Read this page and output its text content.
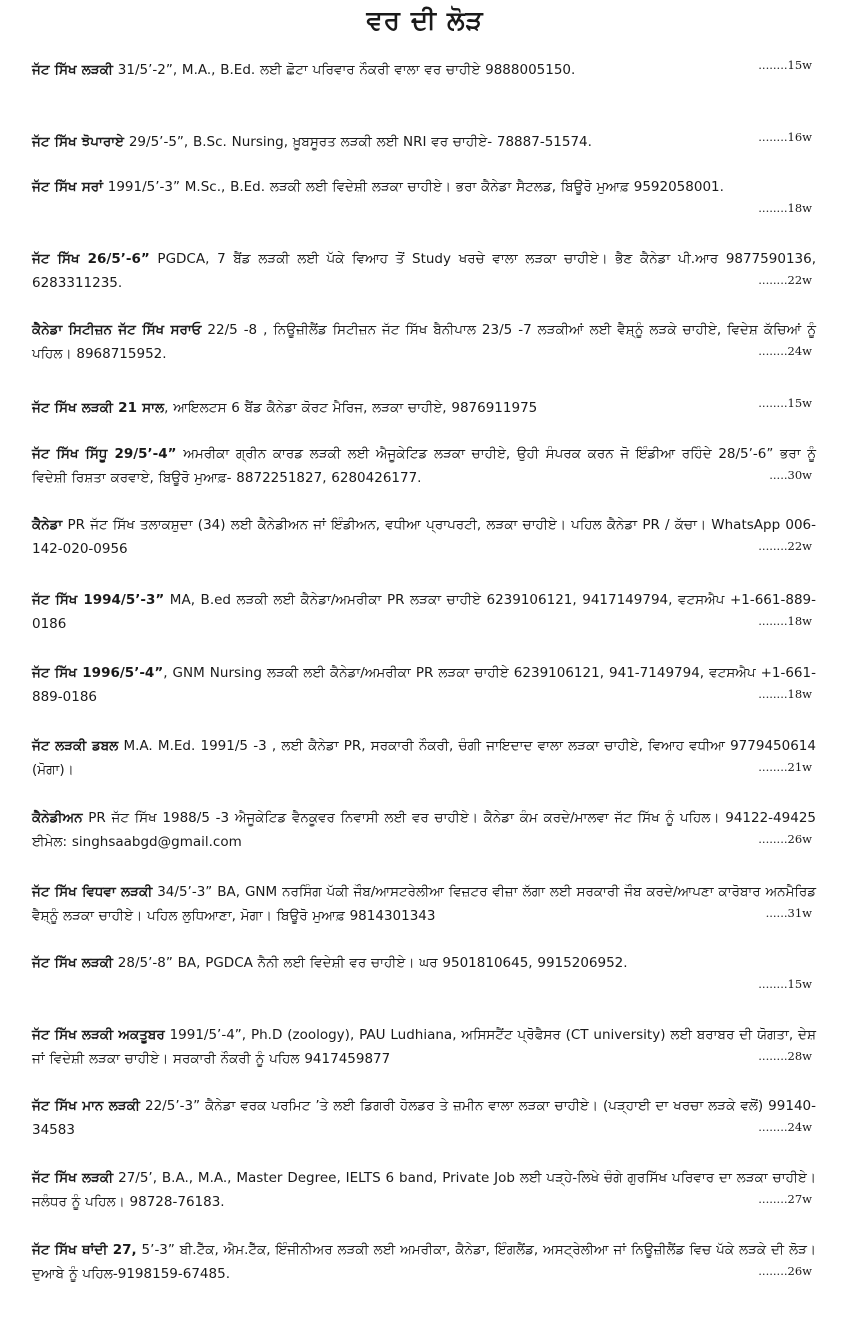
ਵਰ ਦੀ ਲੋੜ
ਜੱਟ ਸਿੱਖ ਲੜਕੀ 31/5’-2”, M.A., B.Ed. ਲਈ ਛੋਟਾ ਪਰਿਵਾਰ ਨੌਕਰੀ ਵਾਲਾ ਵਰ ਚਾਹੀਏ 9888005150.	........15w
ਜੱਟ ਸਿੱਖ ਝੋਪਾਰਾਏ 29/5’-5”, B.Sc. Nursing, ਖ਼ੂਬਸੂਰਤ ਲੜਕੀ ਲਈ NRI ਵਰ ਚਾਹੀਏ- 78887-51574.	........16w
ਜੱਟ ਸਿੱਖ ਸਰਾਂ 1991/5’-3” M.Sc., B.Ed. ਲੜਕੀ ਲਈ ਵਿਦੇਸ਼ੀ ਲੜਕਾ ਚਾਹੀਏ। ਭਰਾ ਕੈਨੇਡਾ ਸੈਟਲਡ, ਬਿਊਰੋ ਮੁਆਫ਼ 9592058001.
........18w
ਜੱਟ ਸਿੱਖ 26/5’-6” PGDCA, 7 ਬੈਂਡ ਲੜਕੀ ਲਈ ਪੱਕੇ ਵਿਆਹ ਤੋਂ Study ਖਰਚੇ ਵਾਲਾ ਲੜਕਾ ਚਾਹੀਏ। ਭੈਣ ਕੈਨੇਡਾ ਪੀ.ਆਰ 9877590136, 6283311235.	........22w
ਕੈਨੇਡਾ ਸਿਟੀਜ਼ਨ ਜੱਟ ਸਿੱਖ ਸਰਾਓ 22/5 -8 , ਨਿਊਜ਼ੀਲੈਂਡ ਸਿਟੀਜ਼ਨ ਜੱਟ ਸਿੱਖ ਬੈਨੀਪਾਲ 23/5 -7 ਲੜਕੀਆਂ ਲਈ ਵੈਸ਼੍ਨੂੰ ਲੜਕੇ ਚਾਹੀਏ, ਵਿਦੇਸ਼ ਕੱਚਿਆਂ ਨੂੰ ਪਹਿਲ। 8968715952.	........24w
ਜੱਟ ਸਿੱਖ ਲੜਕੀ 21 ਸਾਲ, ਆਇਲਟਸ 6 ਬੈਂਡ ਕੈਨੇਡਾ ਕੋਰਟ ਮੈਰਿਜ, ਲੜਕਾ ਚਾਹੀਏ, 9876911975	........15w
ਜੱਟ ਸਿੱਖ ਸਿੱਧੂ 29/5’-4” ਅਮਰੀਕਾ ਗ੍ਰੀਨ ਕਾਰਡ ਲੜਕੀ ਲਈ ਐਜੂਕੇਟਿਡ ਲੜਕਾ ਚਾਹੀਏ, ਉਹੀ ਸੰਪਰਕ ਕਰਨ ਜੋ ਇੰਡੀਆ ਰਹਿੰਦੇ 28/5’-6” ਭਰਾ ਨੂੰ ਵਿਦੇਸ਼ੀ ਰਿਸ਼ਤਾ ਕਰਵਾਏ, ਬਿਊਰੋ ਮੁਆਫ਼- 8872251827, 6280426177.	.....30w
ਕੈਨੇਡਾ PR ਜੱਟ ਸਿੱਖ ਤਲਾਕਸ਼ੁਦਾ (34) ਲਈ ਕੈਨੇਡੀਅਨ ਜਾਂ ਇੰਡੀਅਨ, ਵਧੀਆ ਪ੍ਰਾਪਰਟੀ, ਲੜਕਾ ਚਾਹੀਏ। ਪਹਿਲ ਕੈਨੇਡਾ PR / ਕੱਚਾ। WhatsApp 006-142-020-0956	........22w
ਜੱਟ ਸਿੱਖ 1994/5’-3” MA, B.ed ਲੜਕੀ ਲਈ ਕੈਨੇਡਾ/ਅਮਰੀਕਾ PR ਲੜਕਾ ਚਾਹੀਏ 6239106121, 9417149794, ਵਟਸਐਪ +1-661-889-0186	........18w
ਜੱਟ ਸਿੱਖ 1996/5’-4”, GNM Nursing ਲੜਕੀ ਲਈ ਕੈਨੇਡਾ/ਅਮਰੀਕਾ PR ਲੜਕਾ ਚਾਹੀਏ 6239106121, 941-7149794, ਵਟਸਐਪ +1-661-889-0186	........18w
ਜੱਟ ਲੜਕੀ ਡਬਲ M.A. M.Ed. 1991/5 -3 , ਲਈ ਕੈਨੇਡਾ PR, ਸਰਕਾਰੀ ਨੌਕਰੀ, ਚੰਗੀ ਜਾਇਦਾਦ ਵਾਲਾ ਲੜਕਾ ਚਾਹੀਏ, ਵਿਆਹ ਵਧੀਆ 9779450614 (ਮੋਗਾ)।	........21w
ਕੈਨੇਡੀਅਨ PR ਜੱਟ ਸਿੱਖ 1988/5 -3 ਐਜੂਕੇਟਿਡ ਵੈਨਕੂਵਰ ਨਿਵਾਸੀ ਲਈ ਵਰ ਚਾਹੀਏ। ਕੈਨੇਡਾ ਕੰਮ ਕਰਦੇ/ਮਾਲਵਾ ਜੱਟ ਸਿੱਖ ਨੂੰ ਪਹਿਲ। 94122-49425 ਈਮੇਲ: singhsaabgd@gmail.com	........26w
ਜੱਟ ਸਿੱਖ ਵਿਧਵਾ ਲੜਕੀ 34/5’-3” BA, GNM ਨਰਸਿੰਗ ਪੱਕੀ ਜੌਬ/ਆਸਟਰੇਲੀਆ ਵਿਜ਼ਟਰ ਵੀਜ਼ਾ ਲੱਗਾ ਲਈ ਸਰਕਾਰੀ ਜੌਬ ਕਰਦੇ/ਆਪਣਾ ਕਾਰੋਬਾਰ ਅਨਮੈਰਿਡ ਵੈਸ਼੍ਨੂੰ ਲੜਕਾ ਚਾਹੀਏ। ਪਹਿਲ ਲੁਧਿਆਣਾ, ਮੋਗਾ। ਬਿਊਰੋ ਮੁਆਫ਼ 9814301343	......31w
ਜੱਟ ਸਿੱਖ ਲੜਕੀ 28/5’-8” BA, PGDCA ਨੈਨੀ ਲਈ ਵਿਦੇਸ਼ੀ ਵਰ ਚਾਹੀਏ। ਘਰ 9501810645, 9915206952.
........15w
ਜੱਟ ਸਿੱਖ ਲੜਕੀ ਅਕਤੂਬਰ 1991/5’-4”, Ph.D (zoology), PAU Ludhiana, ਅਸਿਸਟੈਂਟ ਪ੍ਰੋਫੈਸਰ (CT university) ਲਈ ਬਰਾਬਰ ਦੀ ਯੋਗਤਾ, ਦੇਸ਼ ਜਾਂ ਵਿਦੇਸ਼ੀ ਲੜਕਾ ਚਾਹੀਏ। ਸਰਕਾਰੀ ਨੌਕਰੀ ਨੂੰ ਪਹਿਲ 9417459877	........28w
ਜੱਟ ਸਿੱਖ ਮਾਨ ਲੜਕੀ 22/5’-3” ਕੈਨੇਡਾ ਵਰਕ ਪਰਮਿਟ ’ਤੇ ਲਈ ਡਿਗਰੀ ਹੋਲਡਰ ਤੇ ਜ਼ਮੀਨ ਵਾਲਾ ਲੜਕਾ ਚਾਹੀਏ। (ਪੜ੍ਹਾਈ ਦਾ ਖਰਚਾ ਲੜਕੇ ਵਲੋਂ) 99140-34583	........24w
ਜੱਟ ਸਿੱਖ ਲੜਕੀ 27/5’, B.A., M.A., Master Degree, IELTS 6 band, Private Job ਲਈ ਪੜ੍ਹੇ-ਲਿਖੇ ਚੰਗੇ ਗੁਰਸਿੱਖ ਪਰਿਵਾਰ ਦਾ ਲੜਕਾ ਚਾਹੀਏ। ਜਲੰਧਰ ਨੂੰ ਪਹਿਲ। 98728-76183.	........27w
ਜੱਟ ਸਿੱਖ ਥਾਂਦੀ 27, 5’-3” ਬੀ.ਟੈੱਕ, ਐਮ.ਟੈੱਕ, ਇੰਜੀਨੀਅਰ ਲੜਕੀ ਲਈ ਅਮਰੀਕਾ, ਕੈਨੇਡਾ, ਇੰਗਲੈਂਡ, ਅਸਟ੍ਰੇਲੀਆ ਜਾਂ ਨਿਊਜ਼ੀਲੈਂਡ ਵਿਚ ਪੱਕੇ ਲੜਕੇ ਦੀ ਲੋੜ। ਦੁਆਬੇ ਨੂੰ ਪਹਿਲ-9198159-67485.	........26w
